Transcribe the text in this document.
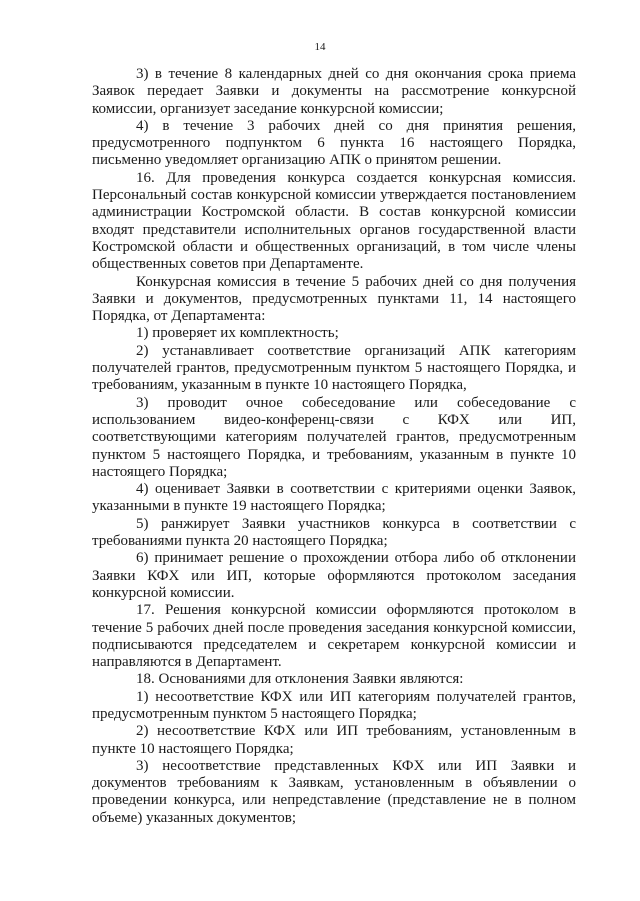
14

3) в течение 8 календарных дней со дня окончания срока приема Заявок передает Заявки и документы на рассмотрение конкурсной комиссии, организует заседание конкурсной комиссии;

4) в течение 3 рабочих дней со дня принятия решения, предусмотренного подпунктом 6 пункта 16 настоящего Порядка, письменно уведомляет организацию АПК о принятом решении.

16. Для проведения конкурса создается конкурсная комиссия. Персональный состав конкурсной комиссии утверждается постановлением администрации Костромской области. В состав конкурсной комиссии входят представители исполнительных органов государственной власти Костромской области и общественных организаций, в том числе члены общественных советов при Департаменте.

Конкурсная комиссия в течение 5 рабочих дней со дня получения Заявки и документов, предусмотренных пунктами 11, 14 настоящего Порядка, от Департамента:

1) проверяет их комплектность;

2) устанавливает соответствие организаций АПК категориям получателей грантов, предусмотренным пунктом 5 настоящего Порядка, и требованиям, указанным в пункте 10 настоящего Порядка,

3) проводит очное собеседование или собеседование с использованием видео-конференц-связи с КФХ или ИП, соответствующими категориям получателей грантов, предусмотренным пунктом 5 настоящего Порядка, и требованиям, указанным в пункте 10 настоящего Порядка;

4) оценивает Заявки в соответствии с критериями оценки Заявок, указанными в пункте 19 настоящего Порядка;

5) ранжирует Заявки участников конкурса в соответствии с требованиями пункта 20 настоящего Порядка;

6) принимает решение о прохождении отбора либо об отклонении Заявки КФХ или ИП, которые оформляются протоколом заседания конкурсной комиссии.

17. Решения конкурсной комиссии оформляются протоколом в течение 5 рабочих дней после проведения заседания конкурсной комиссии, подписываются председателем и секретарем конкурсной комиссии и направляются в Департамент.

18. Основаниями для отклонения Заявки являются:

1) несоответствие КФХ или ИП категориям получателей грантов, предусмотренным пунктом 5 настоящего Порядка;

2) несоответствие КФХ или ИП требованиям, установленным в пункте 10 настоящего Порядка;

3) несоответствие представленных КФХ или ИП Заявки и документов требованиям к Заявкам, установленным в объявлении о проведении конкурса, или непредставление (представление не в полном объеме) указанных документов;
